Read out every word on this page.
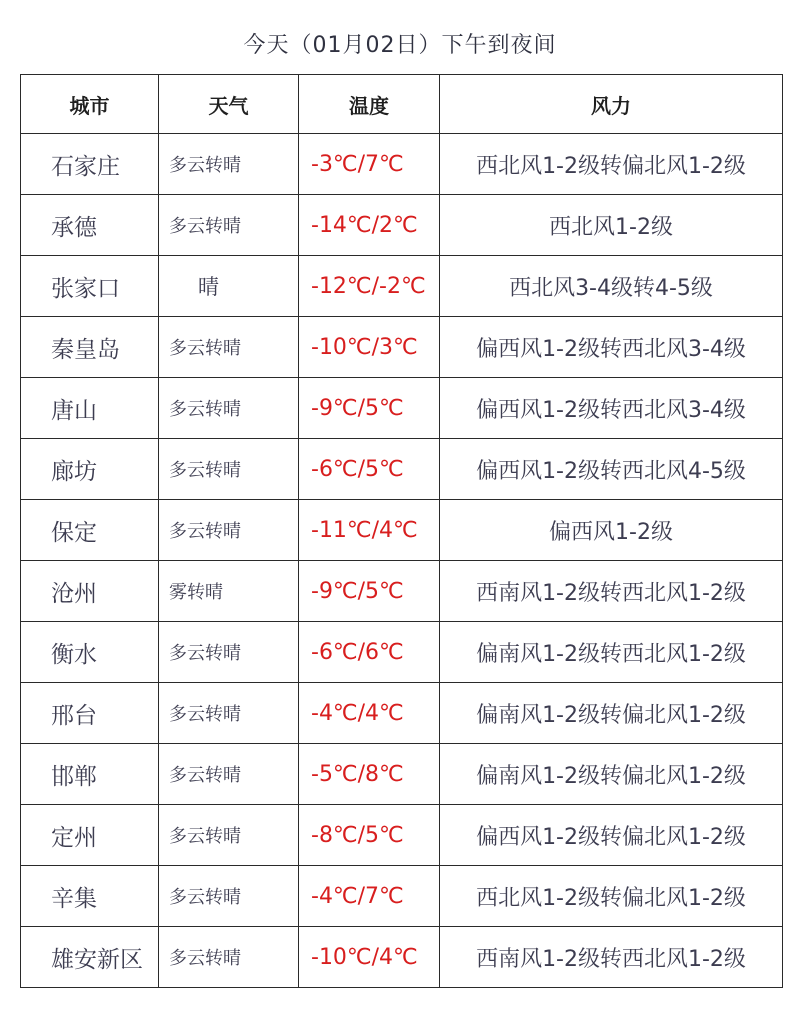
今天（01月02日）下午到夜间
城市	天气	温度	风力
石家庄	多云转晴	-3℃/7℃	西北风1-2级转偏北风1-2级
承德	多云转晴	-14℃/2℃	西北风1-2级
张家口	晴	-12℃/-2℃	西北风3-4级转4-5级
秦皇岛	多云转晴	-10℃/3℃	偏西风1-2级转西北风3-4级
唐山	多云转晴	-9℃/5℃	偏西风1-2级转西北风3-4级
廊坊	多云转晴	-6℃/5℃	偏西风1-2级转西北风4-5级
保定	多云转晴	-11℃/4℃	偏西风1-2级
沧州	雾转晴	-9℃/5℃	西南风1-2级转西北风1-2级
衡水	多云转晴	-6℃/6℃	偏南风1-2级转西北风1-2级
邢台	多云转晴	-4℃/4℃	偏南风1-2级转偏北风1-2级
邯郸	多云转晴	-5℃/8℃	偏南风1-2级转偏北风1-2级
定州	多云转晴	-8℃/5℃	偏西风1-2级转偏北风1-2级
辛集	多云转晴	-4℃/7℃	西北风1-2级转偏北风1-2级
雄安新区	多云转晴	-10℃/4℃	西南风1-2级转西北风1-2级
